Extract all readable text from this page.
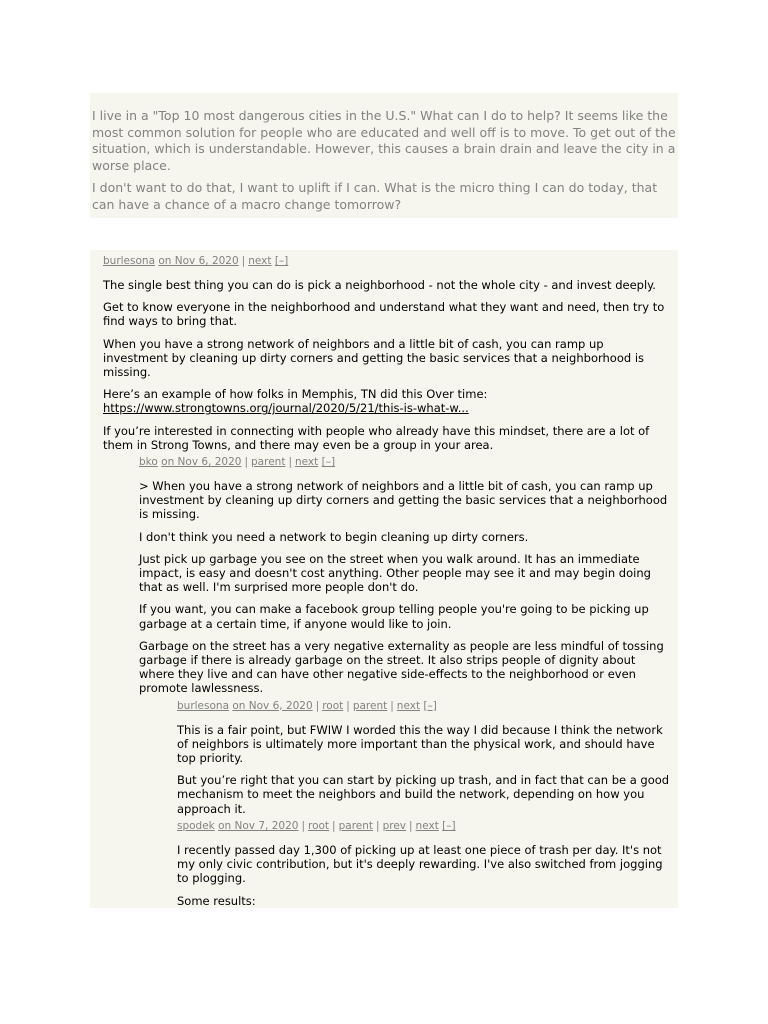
I live in a "Top 10 most dangerous cities in the U.S." What can I do to help? It seems like the most common solution for people who are educated and well off is to move. To get out of the situation, which is understandable. However, this causes a brain drain and leave the city in a worse place.

I don't want to do that, I want to uplift if I can. What is the micro thing I can do today, that can have a chance of a macro change tomorrow?

burlesona on Nov 6, 2020 | next [–]

The single best thing you can do is pick a neighborhood - not the whole city - and invest deeply.

Get to know everyone in the neighborhood and understand what they want and need, then try to find ways to bring that.

When you have a strong network of neighbors and a little bit of cash, you can ramp up investment by cleaning up dirty corners and getting the basic services that a neighborhood is missing.

Here’s an example of how folks in Memphis, TN did this Over time: https://www.strongtowns.org/journal/2020/5/21/this-is-what-w...

If you’re interested in connecting with people who already have this mindset, there are a lot of them in Strong Towns, and there may even be a group in your area.

bko on Nov 6, 2020 | parent | next [–]

> When you have a strong network of neighbors and a little bit of cash, you can ramp up investment by cleaning up dirty corners and getting the basic services that a neighborhood is missing.

I don't think you need a network to begin cleaning up dirty corners.

Just pick up garbage you see on the street when you walk around. It has an immediate impact, is easy and doesn't cost anything. Other people may see it and may begin doing that as well. I'm surprised more people don't do.

If you want, you can make a facebook group telling people you're going to be picking up garbage at a certain time, if anyone would like to join.

Garbage on the street has a very negative externality as people are less mindful of tossing garbage if there is already garbage on the street. It also strips people of dignity about where they live and can have other negative side-effects to the neighborhood or even promote lawlessness.

burlesona on Nov 6, 2020 | root | parent | next [–]

This is a fair point, but FWIW I worded this the way I did because I think the network of neighbors is ultimately more important than the physical work, and should have top priority.

But you’re right that you can start by picking up trash, and in fact that can be a good mechanism to meet the neighbors and build the network, depending on how you approach it.

spodek on Nov 7, 2020 | root | parent | prev | next [–]

I recently passed day 1,300 of picking up at least one piece of trash per day. It's not my only civic contribution, but it's deeply rewarding. I've also switched from jogging to plogging.

Some results:
